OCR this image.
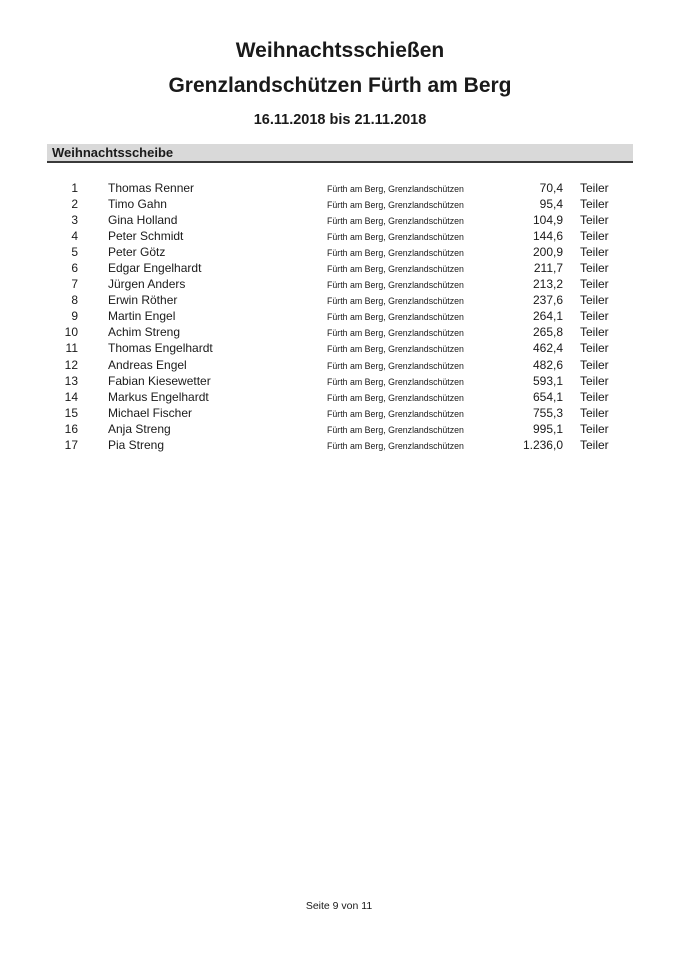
Weihnachtsschießen
Grenzlandschützen Fürth am Berg
16.11.2018 bis 21.11.2018
Weihnachtsscheibe
1	Thomas Renner	Fürth am Berg, Grenzlandschützen	70,4	Teiler
2	Timo Gahn	Fürth am Berg, Grenzlandschützen	95,4	Teiler
3	Gina Holland	Fürth am Berg, Grenzlandschützen	104,9	Teiler
4	Peter Schmidt	Fürth am Berg, Grenzlandschützen	144,6	Teiler
5	Peter Götz	Fürth am Berg, Grenzlandschützen	200,9	Teiler
6	Edgar Engelhardt	Fürth am Berg, Grenzlandschützen	211,7	Teiler
7	Jürgen Anders	Fürth am Berg, Grenzlandschützen	213,2	Teiler
8	Erwin Röther	Fürth am Berg, Grenzlandschützen	237,6	Teiler
9	Martin Engel	Fürth am Berg, Grenzlandschützen	264,1	Teiler
10	Achim Streng	Fürth am Berg, Grenzlandschützen	265,8	Teiler
11	Thomas Engelhardt	Fürth am Berg, Grenzlandschützen	462,4	Teiler
12	Andreas Engel	Fürth am Berg, Grenzlandschützen	482,6	Teiler
13	Fabian Kiesewetter	Fürth am Berg, Grenzlandschützen	593,1	Teiler
14	Markus Engelhardt	Fürth am Berg, Grenzlandschützen	654,1	Teiler
15	Michael Fischer	Fürth am Berg, Grenzlandschützen	755,3	Teiler
16	Anja Streng	Fürth am Berg, Grenzlandschützen	995,1	Teiler
17	Pia Streng	Fürth am Berg, Grenzlandschützen	1.236,0	Teiler
Seite 9 von 11
